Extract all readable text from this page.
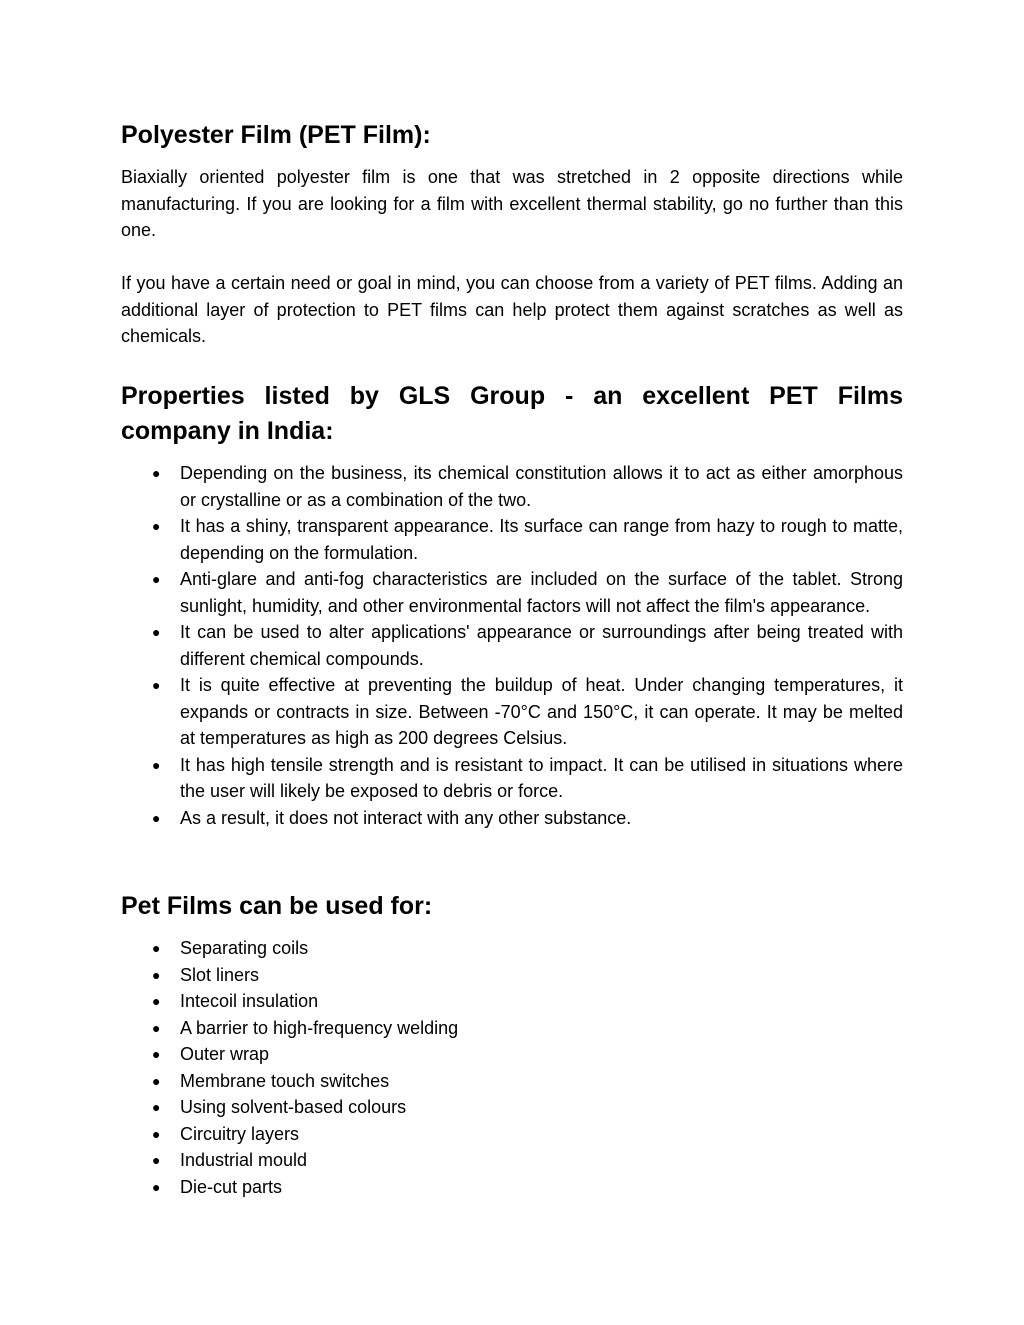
Polyester Film (PET Film):

Biaxially oriented polyester film is one that was stretched in 2 opposite directions while manufacturing. If you are looking for a film with excellent thermal stability, go no further than this one.

If you have a certain need or goal in mind, you can choose from a variety of PET films. Adding an additional layer of protection to PET films can help protect them against scratches as well as chemicals.

Properties listed by GLS Group - an excellent PET Films company in India:
● Depending on the business, its chemical constitution allows it to act as either amorphous or crystalline or as a combination of the two.
● It has a shiny, transparent appearance. Its surface can range from hazy to rough to matte, depending on the formulation.
● Anti-glare and anti-fog characteristics are included on the surface of the tablet. Strong sunlight, humidity, and other environmental factors will not affect the film's appearance.
● It can be used to alter applications' appearance or surroundings after being treated with different chemical compounds.
● It is quite effective at preventing the buildup of heat. Under changing temperatures, it expands or contracts in size. Between -70°C and 150°C, it can operate. It may be melted at temperatures as high as 200 degrees Celsius.
● It has high tensile strength and is resistant to impact. It can be utilised in situations where the user will likely be exposed to debris or force.
● As a result, it does not interact with any other substance.
Pet Films can be used for:
● Separating coils
● Slot liners
● Intecoil insulation
● A barrier to high-frequency welding
● Outer wrap
● Membrane touch switches
● Using solvent-based colours
● Circuitry layers
● Industrial mould
● Die-cut parts
